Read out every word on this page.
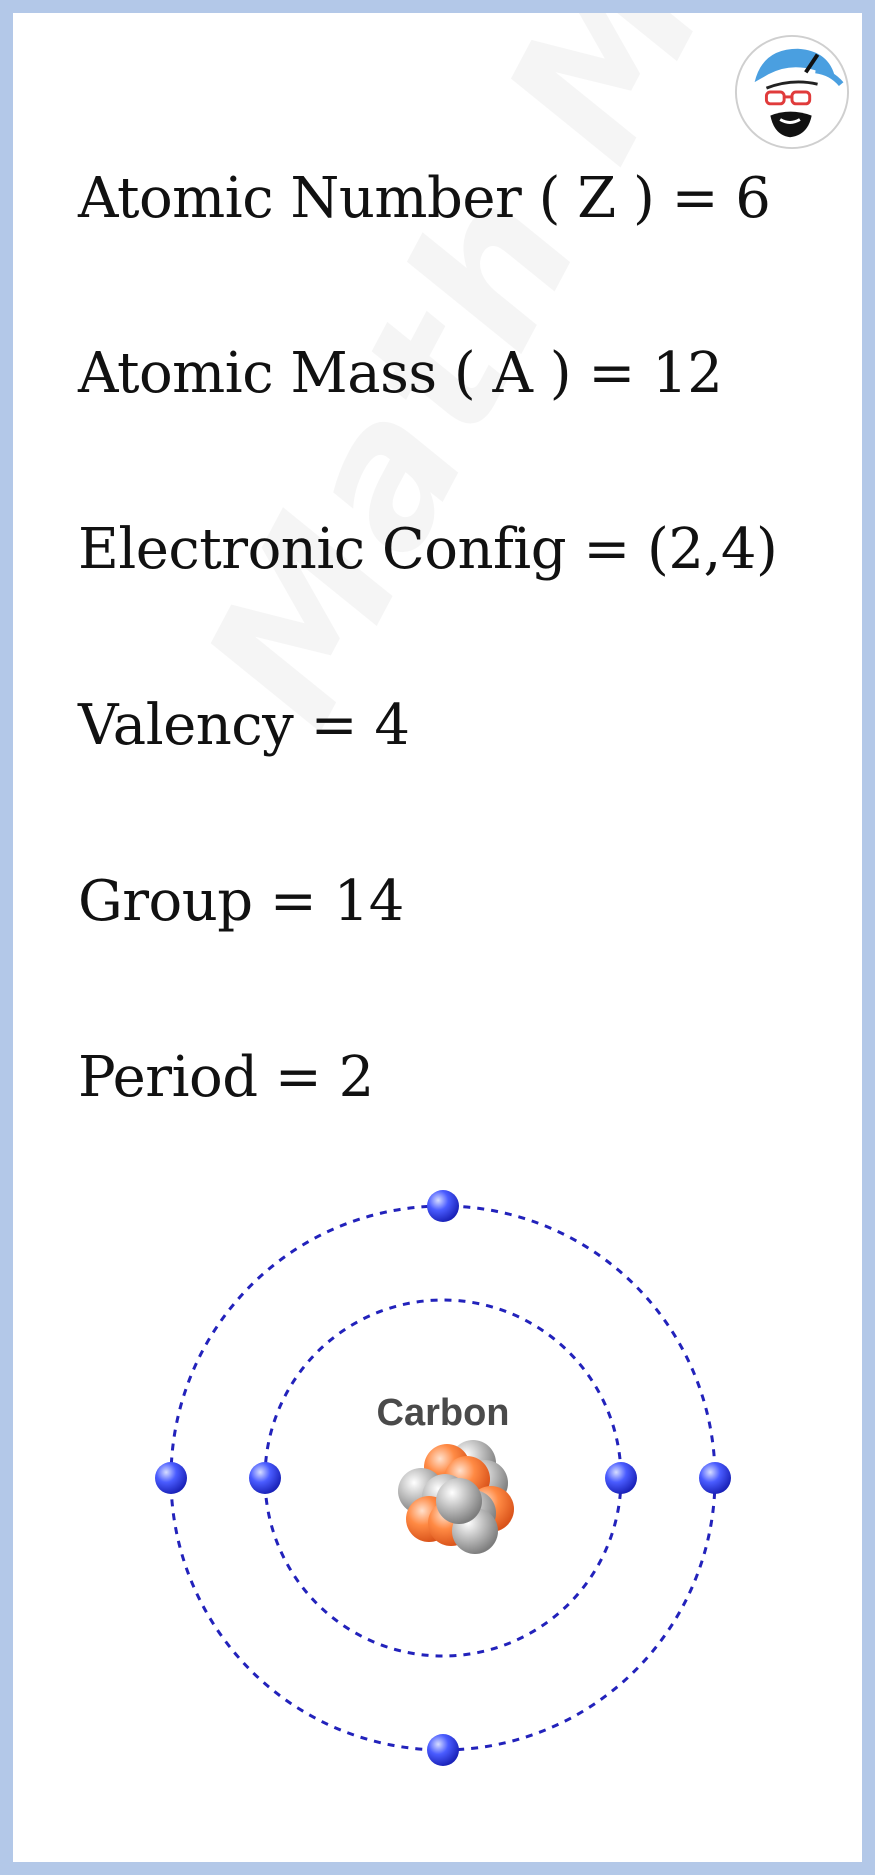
Atomic Number ( Z ) = 6

Atomic Mass ( A ) = 12

Electronic Config = (2,4)

Valency = 4

Group = 14

Period = 2

Carbon
